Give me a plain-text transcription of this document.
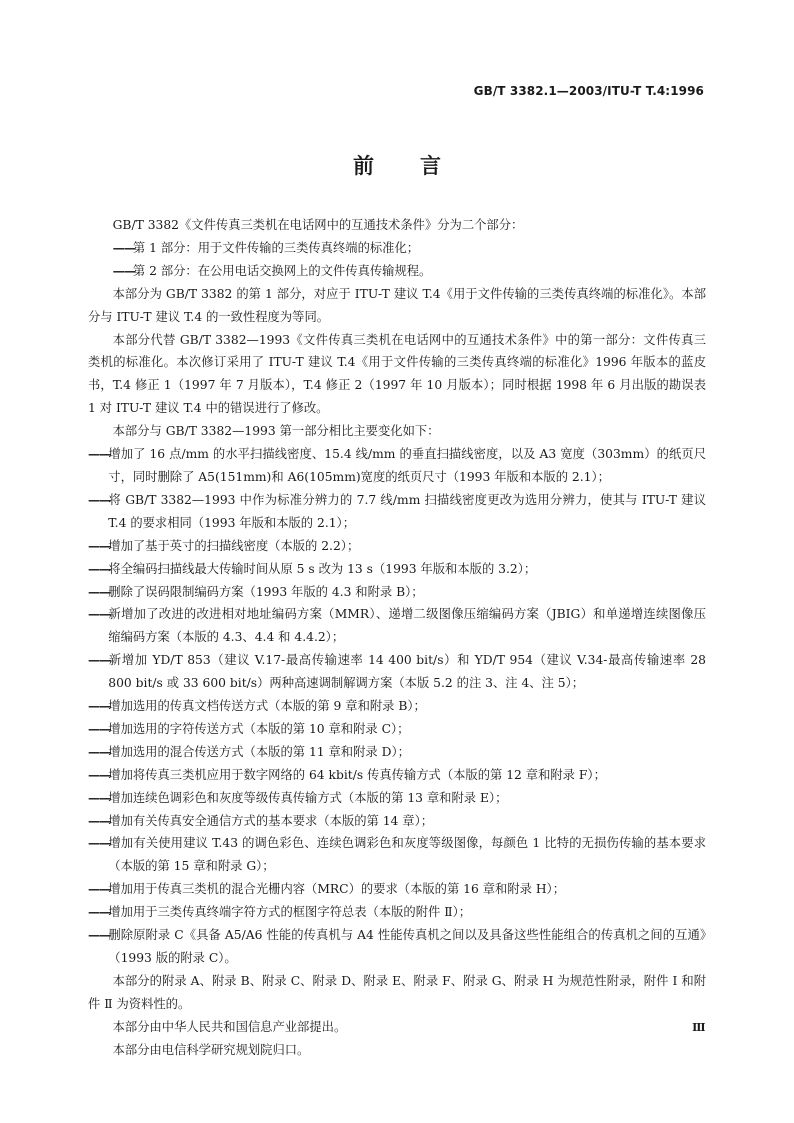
GB/T 3382.1—2003/ITU-T T.4:1996
前言

GB/T 3382《文件传真三类机在电话网中的互通技术条件》分为二个部分：

——第 1 部分：用于文件传输的三类传真终端的标准化；

——第 2 部分：在公用电话交换网上的文件传真传输规程。

本部分为 GB/T 3382 的第 1 部分，对应于 ITU-T 建议 T.4《用于文件传输的三类传真终端的标准化》。本部分与 ITU-T 建议 T.4 的一致性程度为等同。

本部分代替 GB/T 3382—1993《文件传真三类机在电话网中的互通技术条件》中的第一部分：文件传真三类机的标准化。本次修订采用了 ITU-T 建议 T.4《用于文件传输的三类传真终端的标准化》1996 年版本的蓝皮书，T.4 修正 1（1997 年 7 月版本），T.4 修正 2（1997 年 10 月版本）；同时根据 1998 年 6 月出版的勘误表 1 对 ITU-T 建议 T.4 中的错误进行了修改。

本部分与 GB/T 3382—1993 第一部分相比主要变化如下：

——增加了 16 点/mm 的水平扫描线密度、15.4 线/mm 的垂直扫描线密度，以及 A3 宽度（303mm）的纸页尺寸，同时删除了 A5(151mm)和 A6(105mm)宽度的纸页尺寸（1993 年版和本版的 2.1）；

——将 GB/T 3382—1993 中作为标准分辨力的 7.7 线/mm 扫描线密度更改为选用分辨力，使其与 ITU-T 建议 T.4 的要求相同（1993 年版和本版的 2.1）；

——增加了基于英寸的扫描线密度（本版的 2.2）；

——将全编码扫描线最大传输时间从原 5 s 改为 13 s（1993 年版和本版的 3.2）；

——删除了误码限制编码方案（1993 年版的 4.3 和附录 B）；

——新增加了改进的改进相对地址编码方案（MMR）、递增二级图像压缩编码方案（JBIG）和单递增连续图像压缩编码方案（本版的 4.3、4.4 和 4.4.2）；

——新增加 YD/T 853（建议 V.17-最高传输速率 14 400 bit/s）和 YD/T 954（建议 V.34-最高传输速率 28 800 bit/s 或 33 600 bit/s）两种高速调制解调方案（本版 5.2 的注 3、注 4、注 5）；

——增加选用的传真文档传送方式（本版的第 9 章和附录 B）；

——增加选用的字符传送方式（本版的第 10 章和附录 C）；

——增加选用的混合传送方式（本版的第 11 章和附录 D）；

——增加将传真三类机应用于数字网络的 64 kbit/s 传真传输方式（本版的第 12 章和附录 F）；

——增加连续色调彩色和灰度等级传真传输方式（本版的第 13 章和附录 E）；

——增加有关传真安全通信方式的基本要求（本版的第 14 章）；

——增加有关使用建议 T.43 的调色彩色、连续色调彩色和灰度等级图像，每颜色 1 比特的无损伤传输的基本要求（本版的第 15 章和附录 G）；

——增加用于传真三类机的混合光栅内容（MRC）的要求（本版的第 16 章和附录 H）；

——增加用于三类传真终端字符方式的框图字符总表（本版的附件 Ⅱ）；

——删除原附录 C《具备 A5/A6 性能的传真机与 A4 性能传真机之间以及具备这些性能组合的传真机之间的互通》（1993 版的附录 C）。

本部分的附录 A、附录 B、附录 C、附录 D、附录 E、附录 F、附录 G、附录 H 为规范性附录，附件 Ⅰ 和附件 Ⅱ 为资料性的。

本部分由中华人民共和国信息产业部提出。

本部分由电信科学研究规划院归口。

Ⅲ
